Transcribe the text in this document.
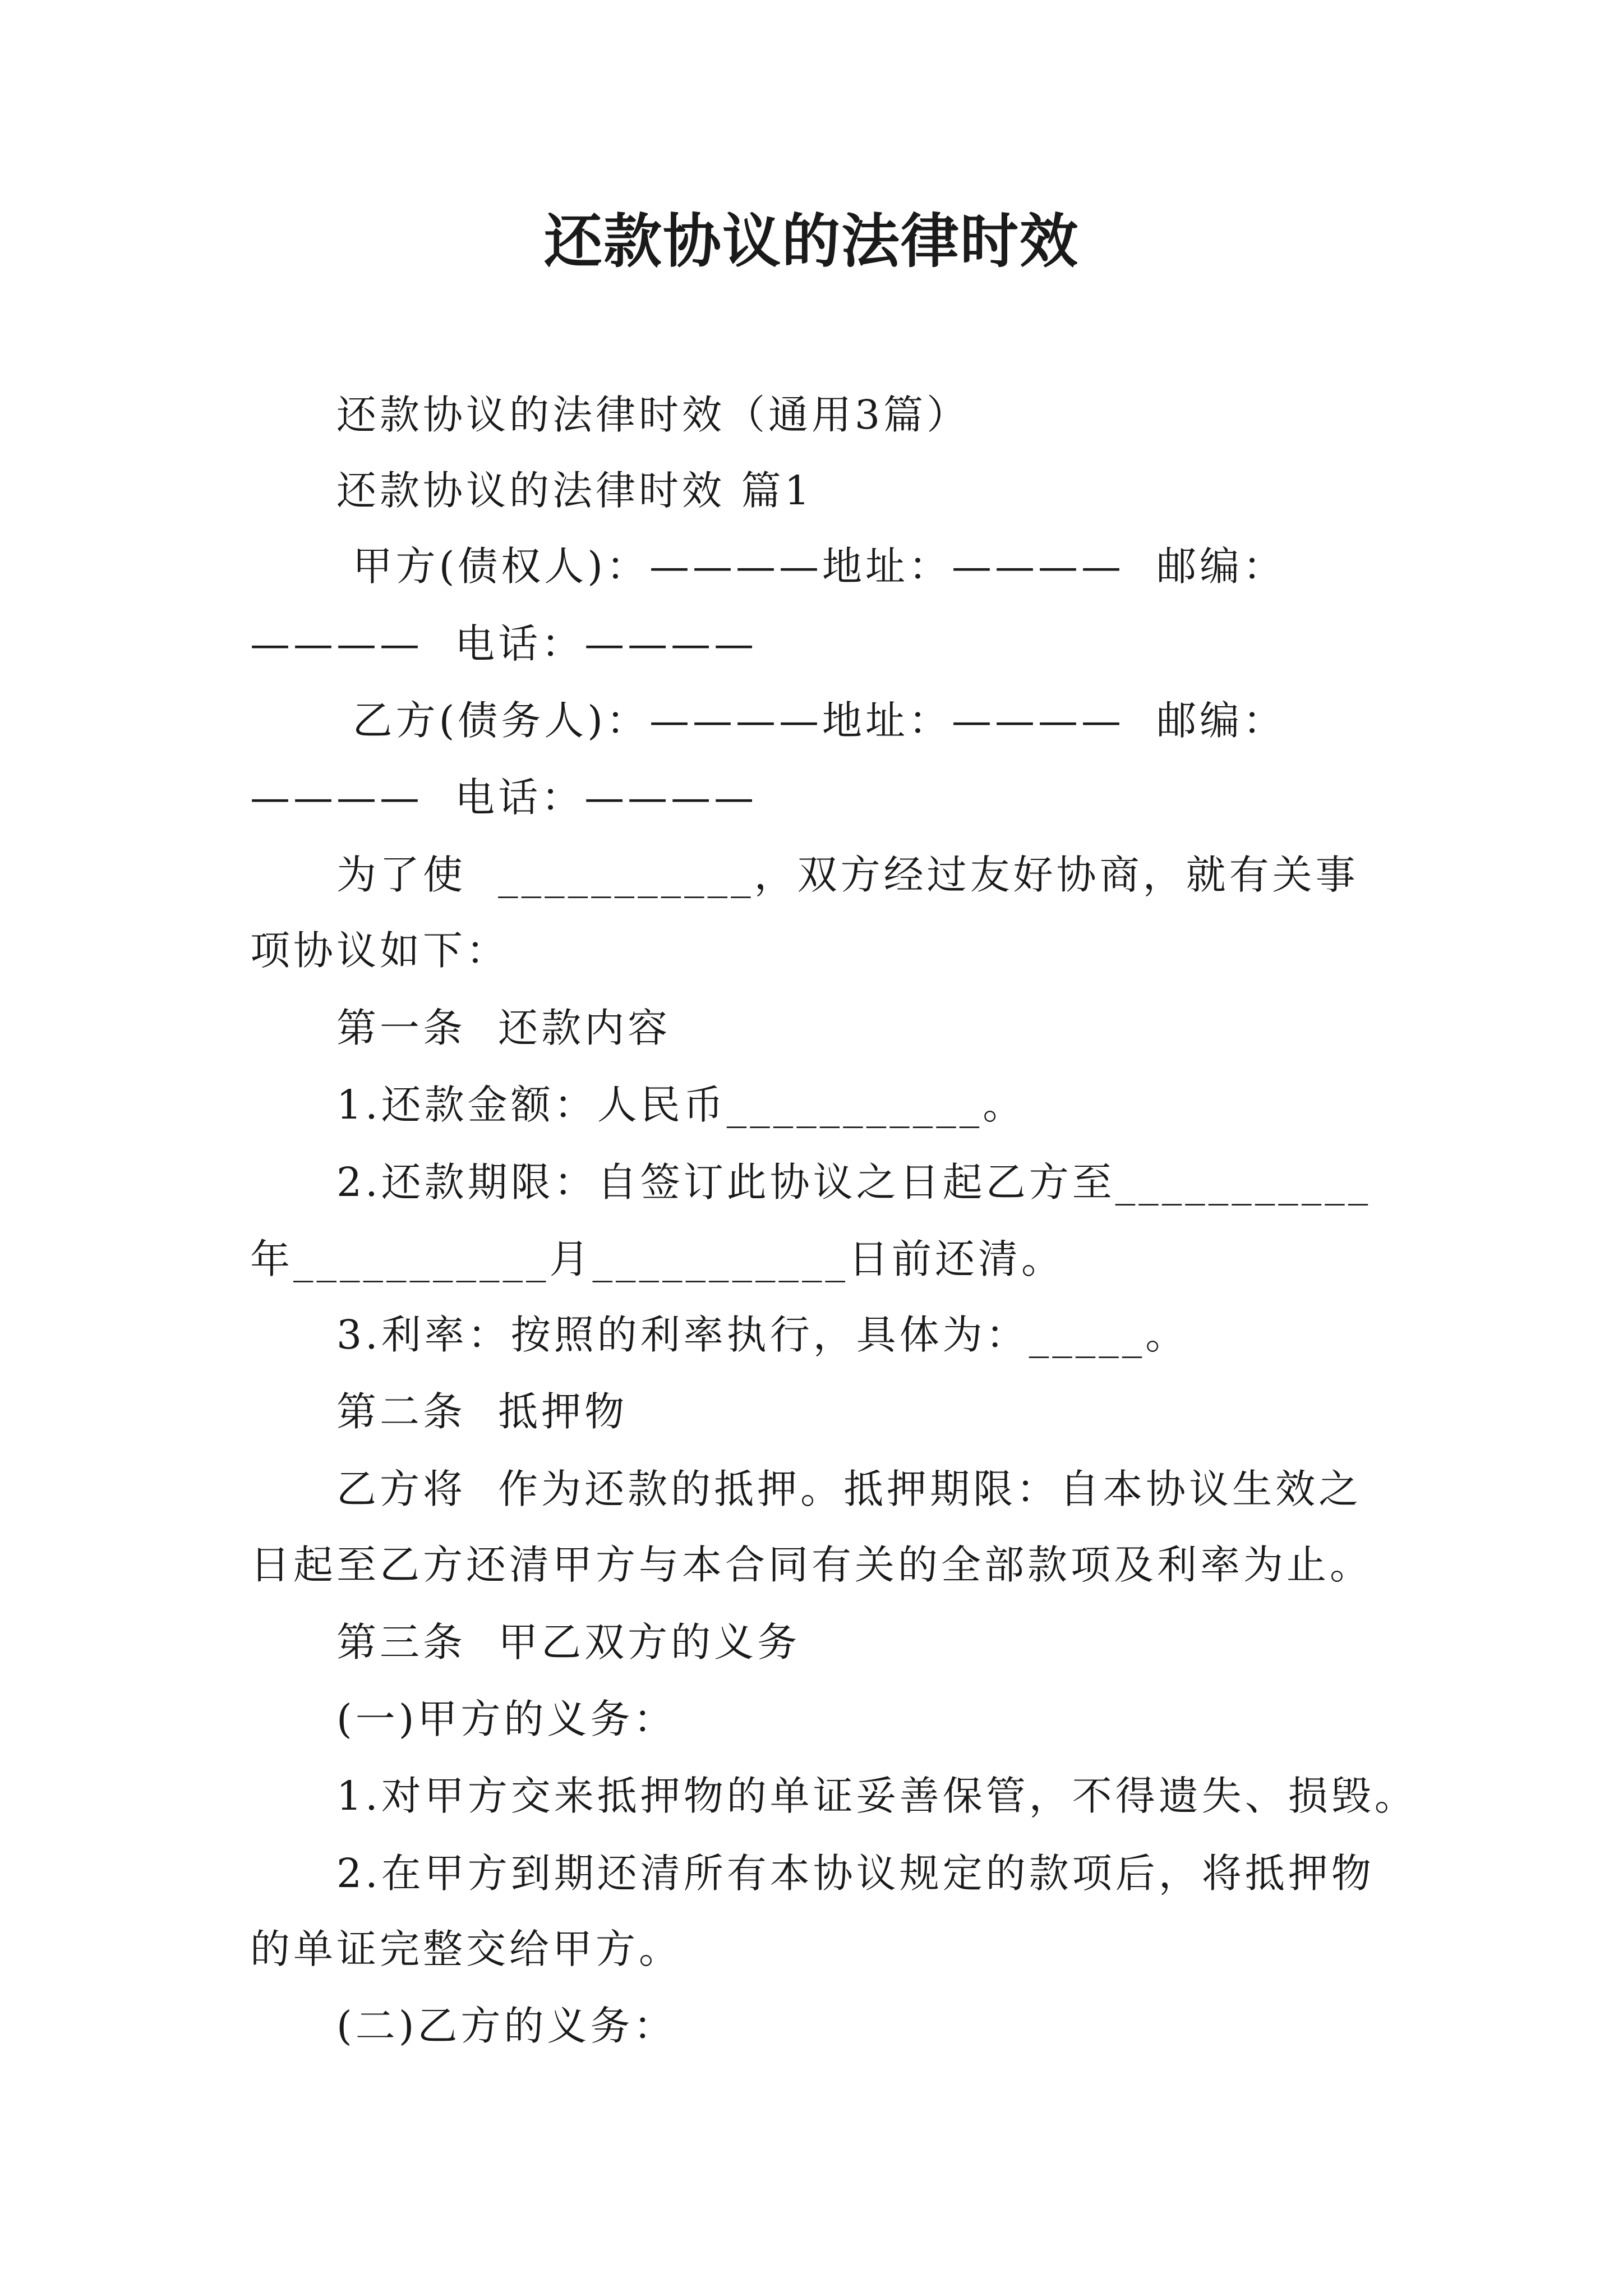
还款协议的法律时效
还款协议的法律时效（通用3篇）
还款协议的法律时效 篇1
甲方(债权人)：————地址：————  邮编：
————  电话：————
乙方(债务人)：————地址：————  邮编：
————  电话：————
为了使  ___________，双方经过友好协商，就有关事
项协议如下：
第一条  还款内容
1.还款金额：人民币___________。
2.还款期限：自签订此协议之日起乙方至___________
年___________月___________日前还清。
3.利率：按照的利率执行，具体为：_____。
第二条  抵押物
乙方将  作为还款的抵押。抵押期限：自本协议生效之
日起至乙方还清甲方与本合同有关的全部款项及利率为止。
第三条  甲乙双方的义务
(一)甲方的义务：
1.对甲方交来抵押物的单证妥善保管，不得遗失、损毁。
2.在甲方到期还清所有本协议规定的款项后，将抵押物
的单证完整交给甲方。
(二)乙方的义务：
